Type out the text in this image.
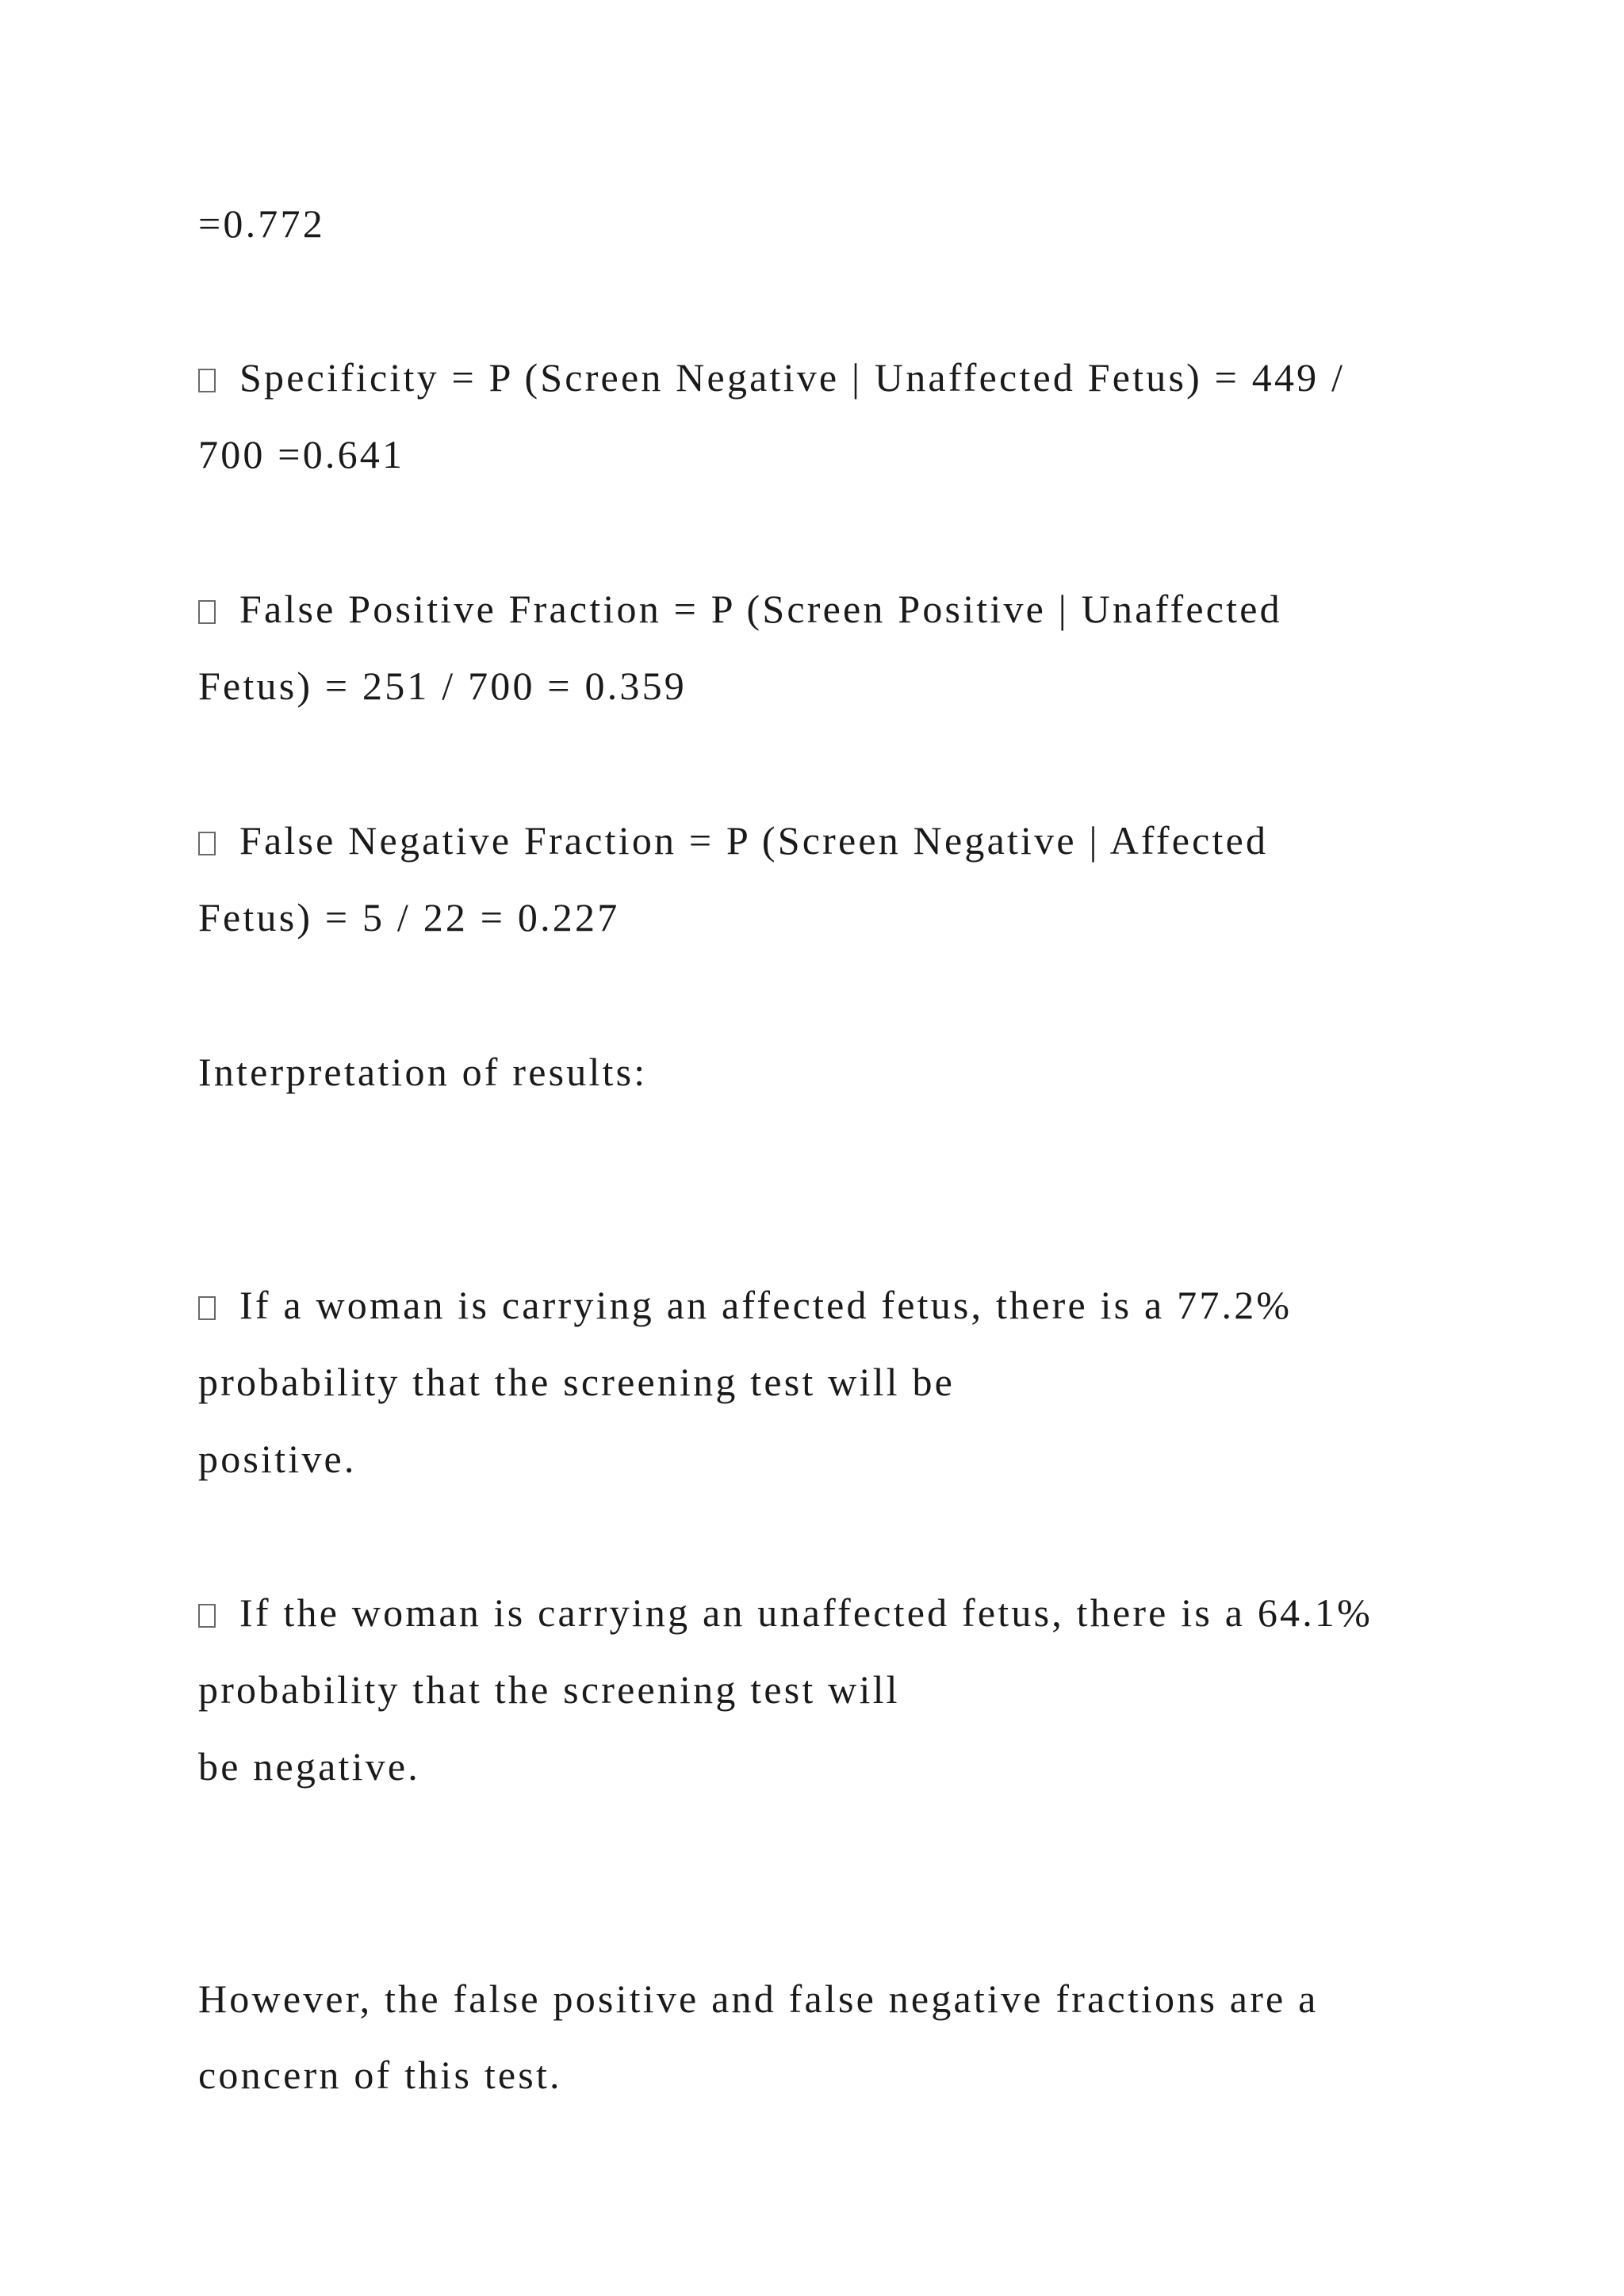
=0.772

Specificity = P (Screen Negative | Unaffected Fetus) = 449 /

700 =0.641

False Positive Fraction = P (Screen Positive | Unaffected

Fetus) = 251 / 700 = 0.359

False Negative Fraction = P (Screen Negative | Affected

Fetus) = 5 / 22 = 0.227

Interpretation of results:

If a woman is carrying an affected fetus, there is a 77.2%

probability that the screening test will be

positive.

If the woman is carrying an unaffected fetus, there is a 64.1%

probability that the screening test will

be negative.

However, the false positive and false negative fractions are a

concern of this test.
